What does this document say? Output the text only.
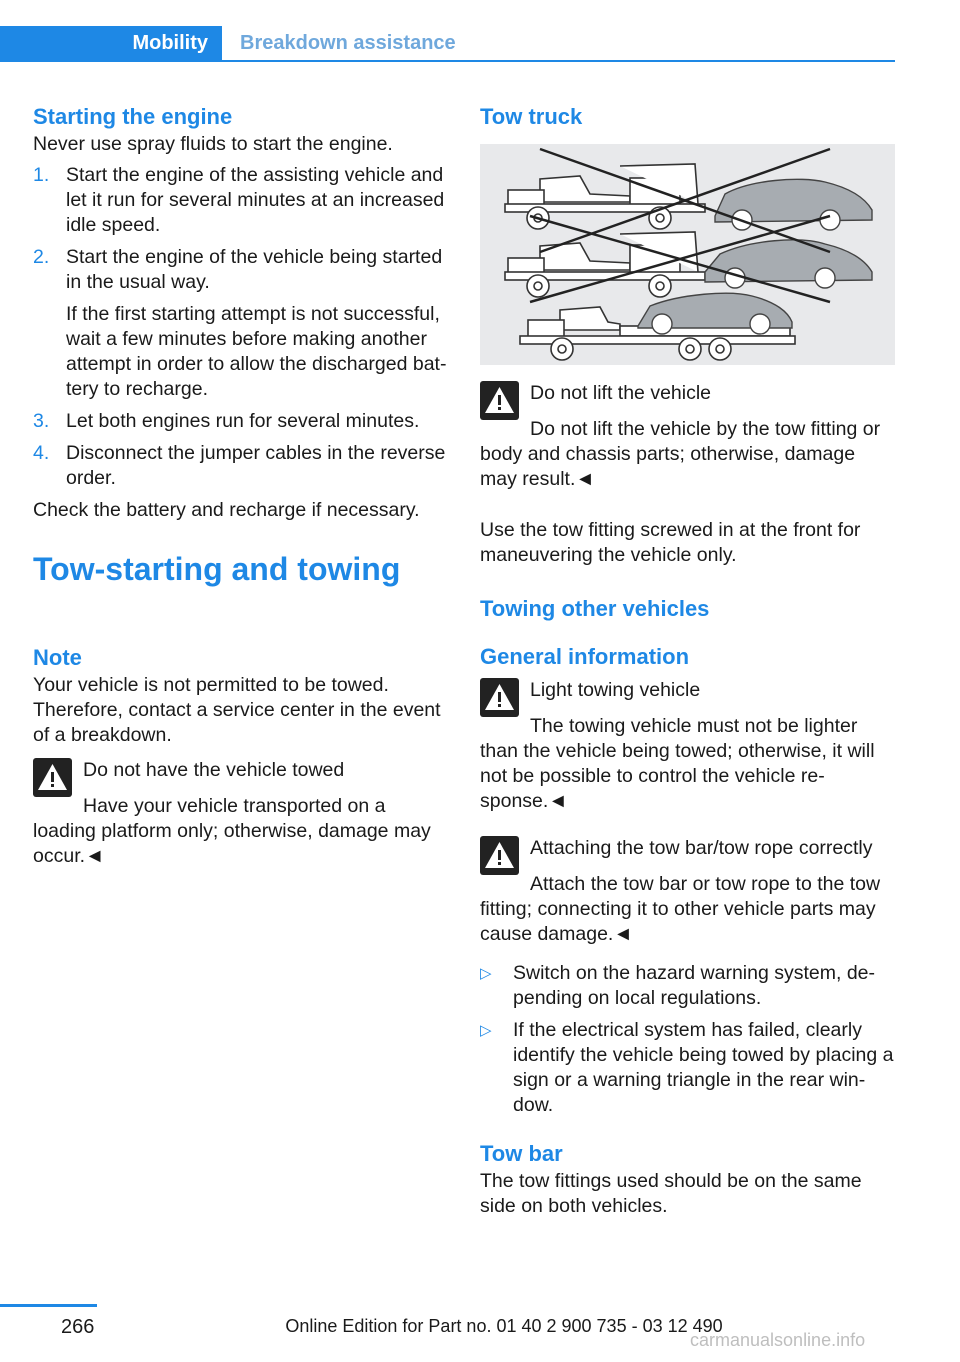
Mobility	Breakdown assistance
Starting the engine

Never use spray fluids to start the engine.

1. Start the engine of the assisting vehicle and let it run for several minutes at an increased idle speed.

2. Start the engine of the vehicle being started in the usual way.

If the first starting attempt is not successful, wait a few minutes before making another attempt in order to allow the discharged bat‐tery to recharge.

3. Let both engines run for several minutes.

4. Disconnect the jumper cables in the reverse order.

Check the battery and recharge if necessary.

Tow-starting and towing
Note

Your vehicle is not permitted to be towed. Therefore, contact a service center in the event of a breakdown.

Do not have the vehicle towed

Have your vehicle transported on a loading platform only; otherwise, damage may occur.◄

Tow truck
Do not lift the vehicle

Do not lift the vehicle by the tow fitting or body and chassis parts; otherwise, damage may result.◄

Use the tow fitting screwed in at the front for maneuvering the vehicle only.

Towing other vehicles
General information
Light towing vehicle

The towing vehicle must not be lighter than the vehicle being towed; otherwise, it will not be possible to control the vehicle re‐sponse.◄

Attaching the tow bar/tow rope correctly

Attach the tow bar or tow rope to the tow fitting; connecting it to other vehicle parts may cause damage.◄

▷	Switch on the hazard warning system, de‐pending on local regulations.
▷	If the electrical system has failed, clearly identify the vehicle being towed by placing a sign or a warning triangle in the rear win‐dow.
Tow bar

The tow fittings used should be on the same side on both vehicles.

266	Online Edition for Part no. 01 40 2 900 735 - 03 12 490
carmanualsonline.info
